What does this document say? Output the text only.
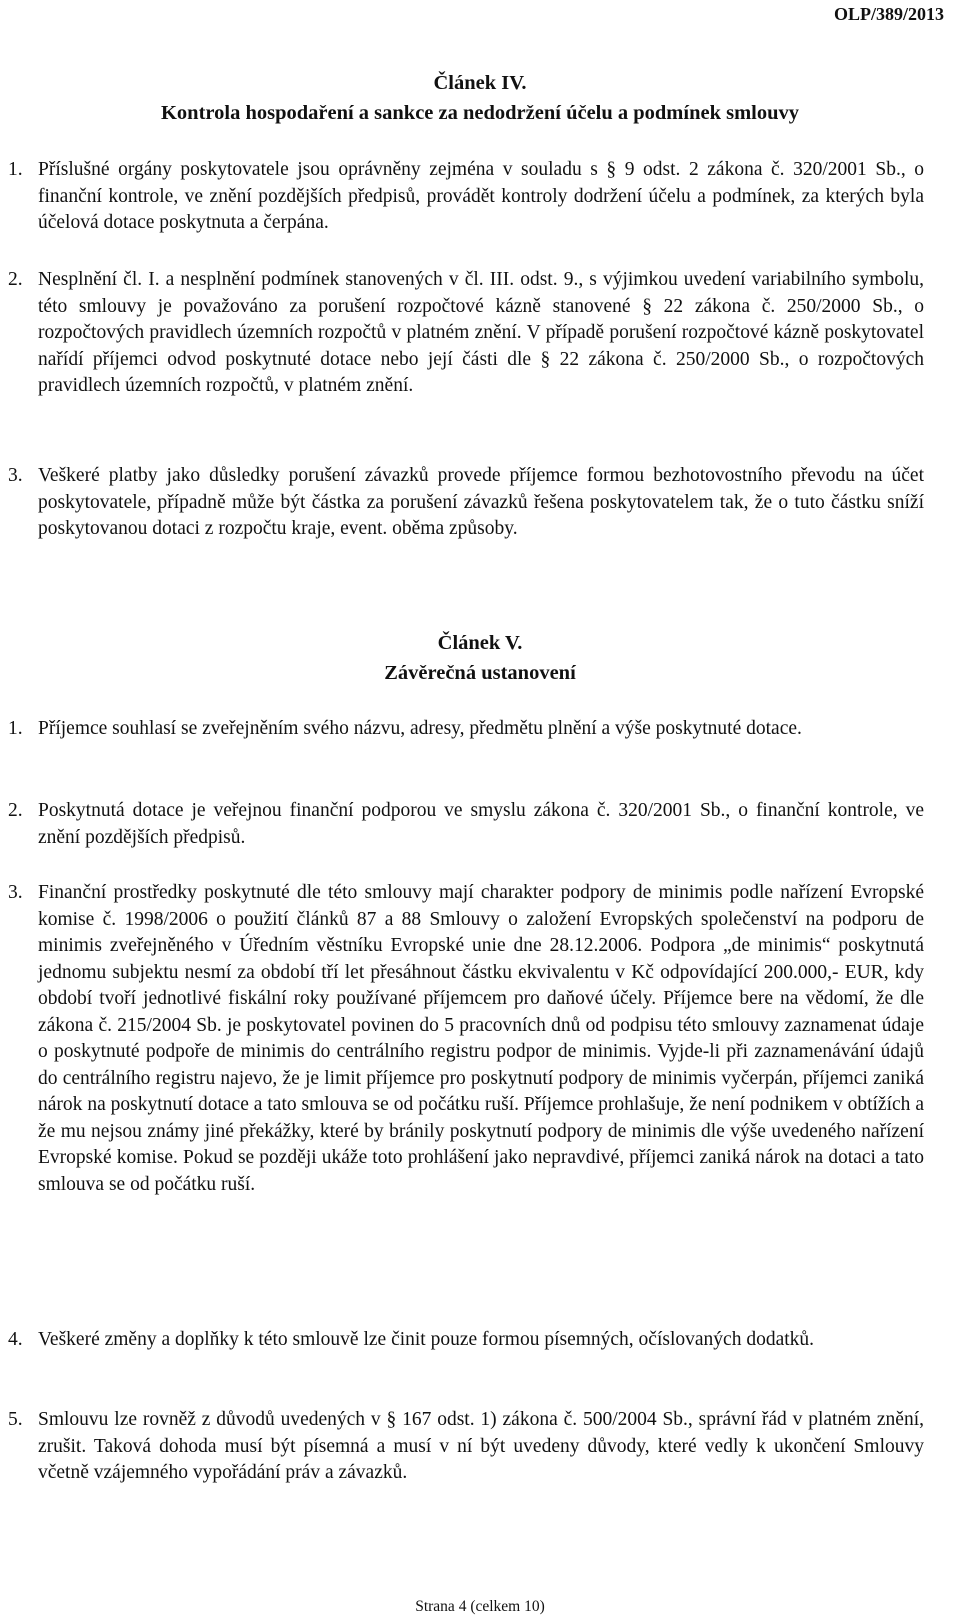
OLP/389/2013
Článek IV.
Kontrola hospodaření a sankce za nedodržení účelu a podmínek smlouvy
1. Příslušné orgány poskytovatele jsou oprávněny zejména v souladu s § 9 odst. 2 zákona č. 320/2001 Sb., o finanční kontrole, ve znění pozdějších předpisů, provádět kontroly dodržení účelu a podmínek, za kterých byla účelová dotace poskytnuta a čerpána.
2. Nesplnění čl. I. a nesplnění podmínek stanovených v čl. III. odst. 9., s výjimkou uvedení variabilního symbolu, této smlouvy je považováno za porušení rozpočtové kázně stanovené § 22 zákona č. 250/2000 Sb., o rozpočtových pravidlech územních rozpočtů v platném znění. V případě porušení rozpočtové kázně poskytovatel nařídí příjemci odvod poskytnuté dotace nebo její části dle § 22 zákona č. 250/2000 Sb., o rozpočtových pravidlech územních rozpočtů, v platném znění.
3. Veškeré platby jako důsledky porušení závazků provede příjemce formou bezhotovostního převodu na účet poskytovatele, případně může být částka za porušení závazků řešena poskytovatelem tak, že o tuto částku sníží poskytovanou dotaci z rozpočtu kraje, event. oběma způsoby.
Článek V.
Závěrečná ustanovení
1. Příjemce souhlasí se zveřejněním svého názvu, adresy, předmětu plnění a výše poskytnuté dotace.
2. Poskytnutá dotace je veřejnou finanční podporou ve smyslu zákona č. 320/2001 Sb., o finanční kontrole, ve znění pozdějších předpisů.
3. Finanční prostředky poskytnuté dle této smlouvy mají charakter podpory de minimis podle nařízení Evropské komise č. 1998/2006 o použití článků 87 a 88 Smlouvy o založení Evropských společenství na podporu de minimis zveřejněného v Úředním věstníku Evropské unie dne 28.12.2006. Podpora „de minimis“ poskytnutá jednomu subjektu nesmí za období tří let přesáhnout částku ekvivalentu v Kč odpovídající 200.000,- EUR, kdy období tvoří jednotlivé fiskální roky používané příjemcem pro daňové účely. Příjemce bere na vědomí, že dle zákona č. 215/2004 Sb. je poskytovatel povinen do 5 pracovních dnů od podpisu této smlouvy zaznamenat údaje o poskytnuté podpoře de minimis do centrálního registru podpor de minimis. Vyjde-li při zaznamenávání údajů do centrálního registru najevo, že je limit příjemce pro poskytnutí podpory de minimis vyčerpán, příjemci zaniká nárok na poskytnutí dotace a tato smlouva se od počátku ruší. Příjemce prohlašuje, že není podnikem v obtížích a že mu nejsou známy jiné překážky, které by bránily poskytnutí podpory de minimis dle výše uvedeného nařízení Evropské komise. Pokud se později ukáže toto prohlášení jako nepravdivé, příjemci zaniká nárok na dotaci a tato smlouva se od počátku ruší.
4. Veškeré změny a doplňky k této smlouvě lze činit pouze formou písemných, očíslovaných dodatků.
5. Smlouvu lze rovněž z důvodů uvedených v § 167 odst. 1) zákona č. 500/2004 Sb., správní řád v platném znění, zrušit. Taková dohoda musí být písemná a musí v ní být uvedeny důvody, které vedly k ukončení Smlouvy včetně vzájemného vypořádání práv a závazků.
Strana 4 (celkem 10)
